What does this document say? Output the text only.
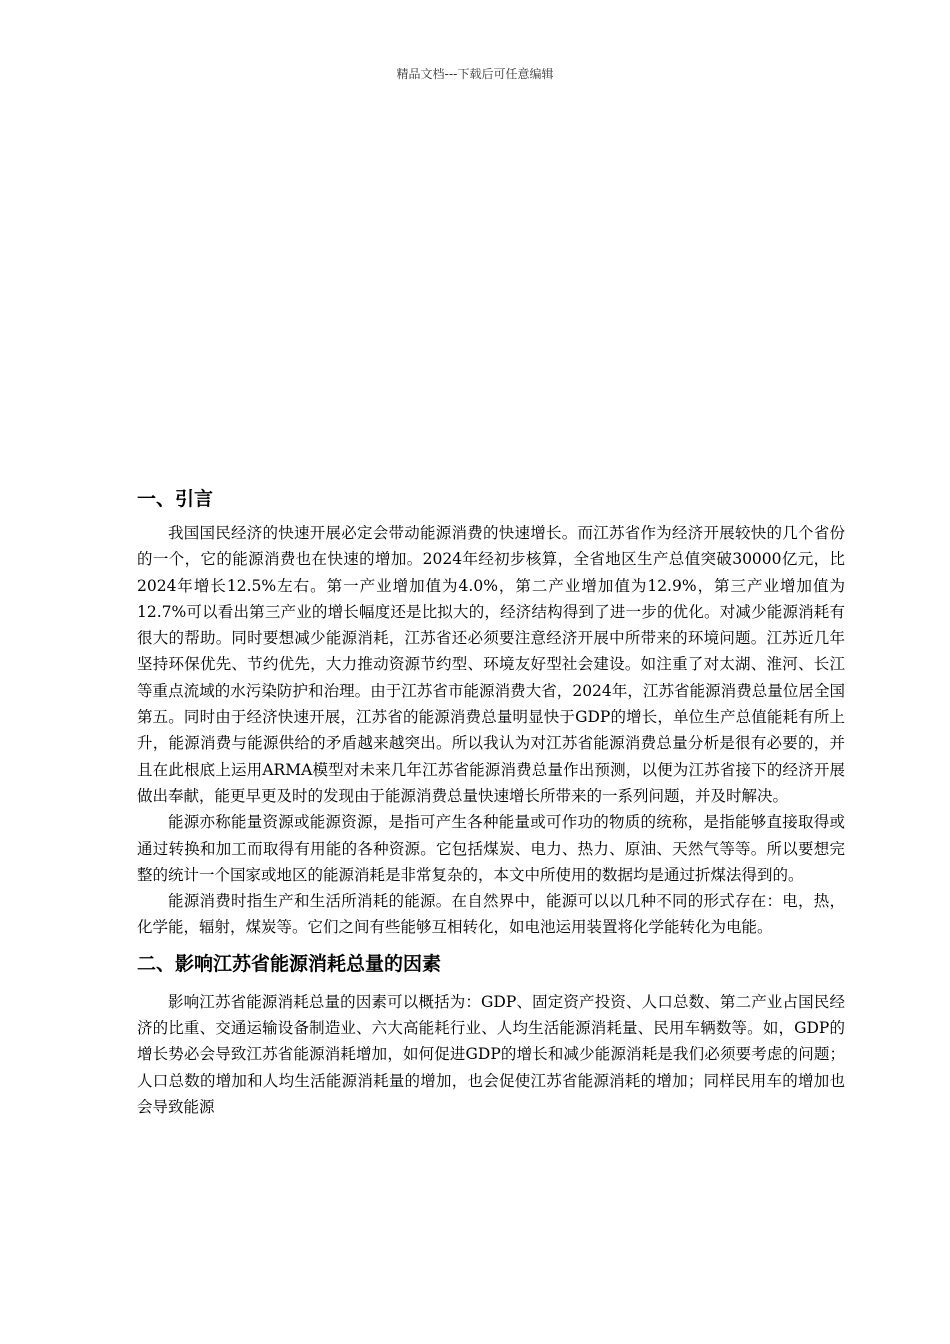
精品文档---下载后可任意编辑
一、引言

我国国民经济的快速开展必定会带动能源消费的快速增长。而江苏省作为经济开展较快的几个省份的一个，它的能源消费也在快速的增加。2024年经初步核算，全省地区生产总值突破30000亿元，比2024年增长12.5%左右。第一产业增加值为4.0%，第二产业增加值为12.9%，第三产业增加值为12.7%可以看出第三产业的增长幅度还是比拟大的，经济结构得到了进一步的优化。对减少能源消耗有很大的帮助。同时要想减少能源消耗，江苏省还必须要注意经济开展中所带来的环境问题。江苏近几年坚持环保优先、节约优先，大力推动资源节约型、环境友好型社会建设。如注重了对太湖、淮河、长江等重点流域的水污染防护和治理。由于江苏省市能源消费大省，2024年，江苏省能源消费总量位居全国第五。同时由于经济快速开展，江苏省的能源消费总量明显快于GDP的增长，单位生产总值能耗有所上升，能源消费与能源供给的矛盾越来越突出。所以我认为对江苏省能源消费总量分析是很有必要的，并且在此根底上运用ARMA模型对未来几年江苏省能源消费总量作出预测，以便为江苏省接下的经济开展做出奉献，能更早更及时的发现由于能源消费总量快速增长所带来的一系列问题，并及时解决。

能源亦称能量资源或能源资源，是指可产生各种能量或可作功的物质的统称，是指能够直接取得或通过转换和加工而取得有用能的各种资源。它包括煤炭、电力、热力、原油、天然气等等。所以要想完整的统计一个国家或地区的能源消耗是非常复杂的，本文中所使用的数据均是通过折煤法得到的。

能源消费时指生产和生活所消耗的能源。在自然界中，能源可以以几种不同的形式存在：电，热，化学能，辐射，煤炭等。它们之间有些能够互相转化，如电池运用装置将化学能转化为电能。

二、影响江苏省能源消耗总量的因素

影响江苏省能源消耗总量的因素可以概括为：GDP、固定资产投资、人口总数、第二产业占国民经济的比重、交通运输设备制造业、六大高能耗行业、人均生活能源消耗量、民用车辆数等。如，GDP的增长势必会导致江苏省能源消耗增加，如何促进GDP的增长和减少能源消耗是我们必须要考虑的问题；人口总数的增加和人均生活能源消耗量的增加，也会促使江苏省能源消耗的增加；同样民用车的增加也会导致能源
